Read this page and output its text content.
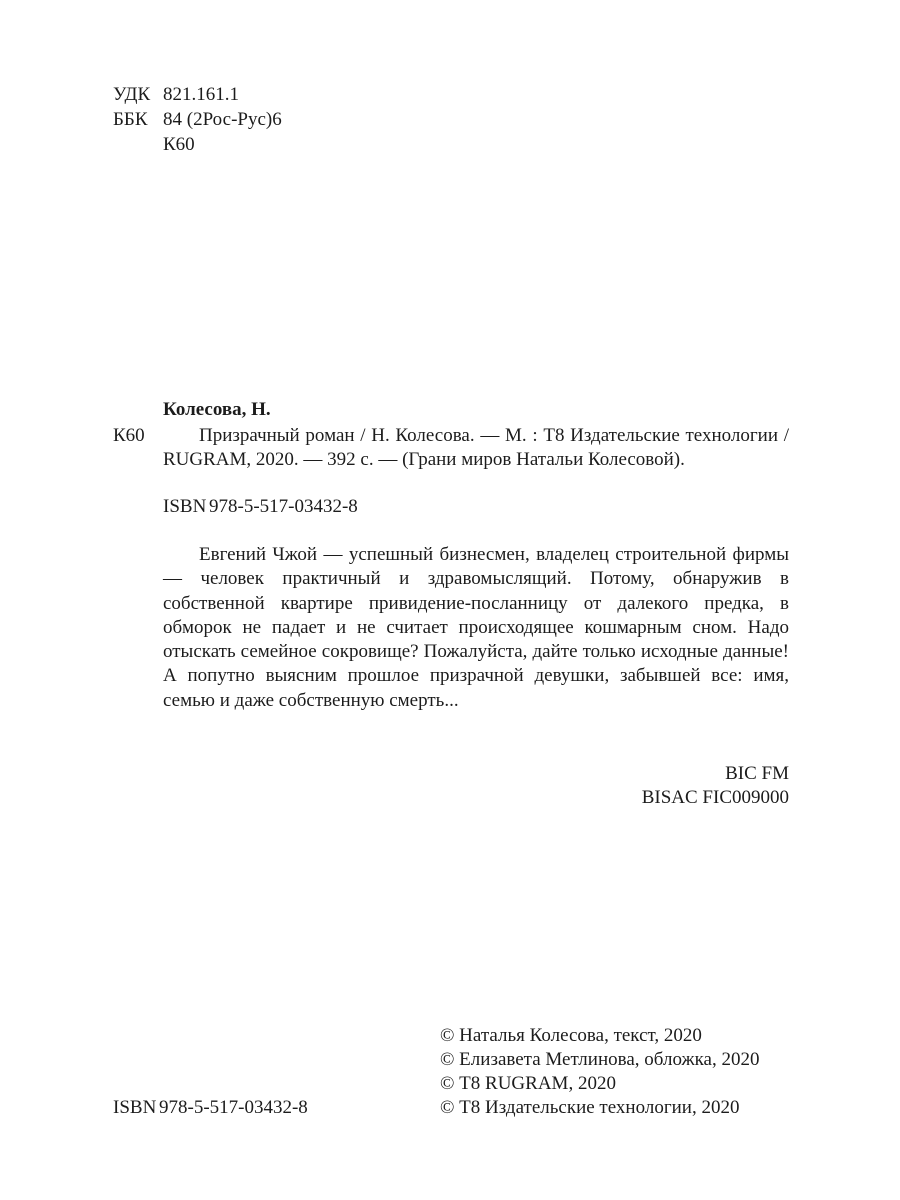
УДК 821.161.1
ББК 84 (2Рос-Рус)6
К60
Колесова, Н.
К60	Призрачный роман / Н. Колесова. — М. : Т8 Издательские технологии / RUGRAM, 2020. — 392 с. — (Грани миров Натальи Колесовой).
ISBN 978-5-517-03432-8
Евгений Чжой — успешный бизнесмен, владелец строительной фирмы — человек практичный и здравомыслящий. Потому, обнаружив в собственной квартире привидение-посланницу от далекого предка, в обморок не падает и не считает происходящее кошмарным сном. Надо отыскать семейное сокровище? Пожалуйста, дайте только исходные данные! А попутно выясним прошлое призрачной девушки, забывшей все: имя, семью и даже собственную смерть...
BIC FM
BISAC FIC009000
© Наталья Колесова, текст, 2020
© Елизавета Метлинова, обложка, 2020
© Т8 RUGRAM, 2020
© Т8 Издательские технологии, 2020
ISBN 978-5-517-03432-8
